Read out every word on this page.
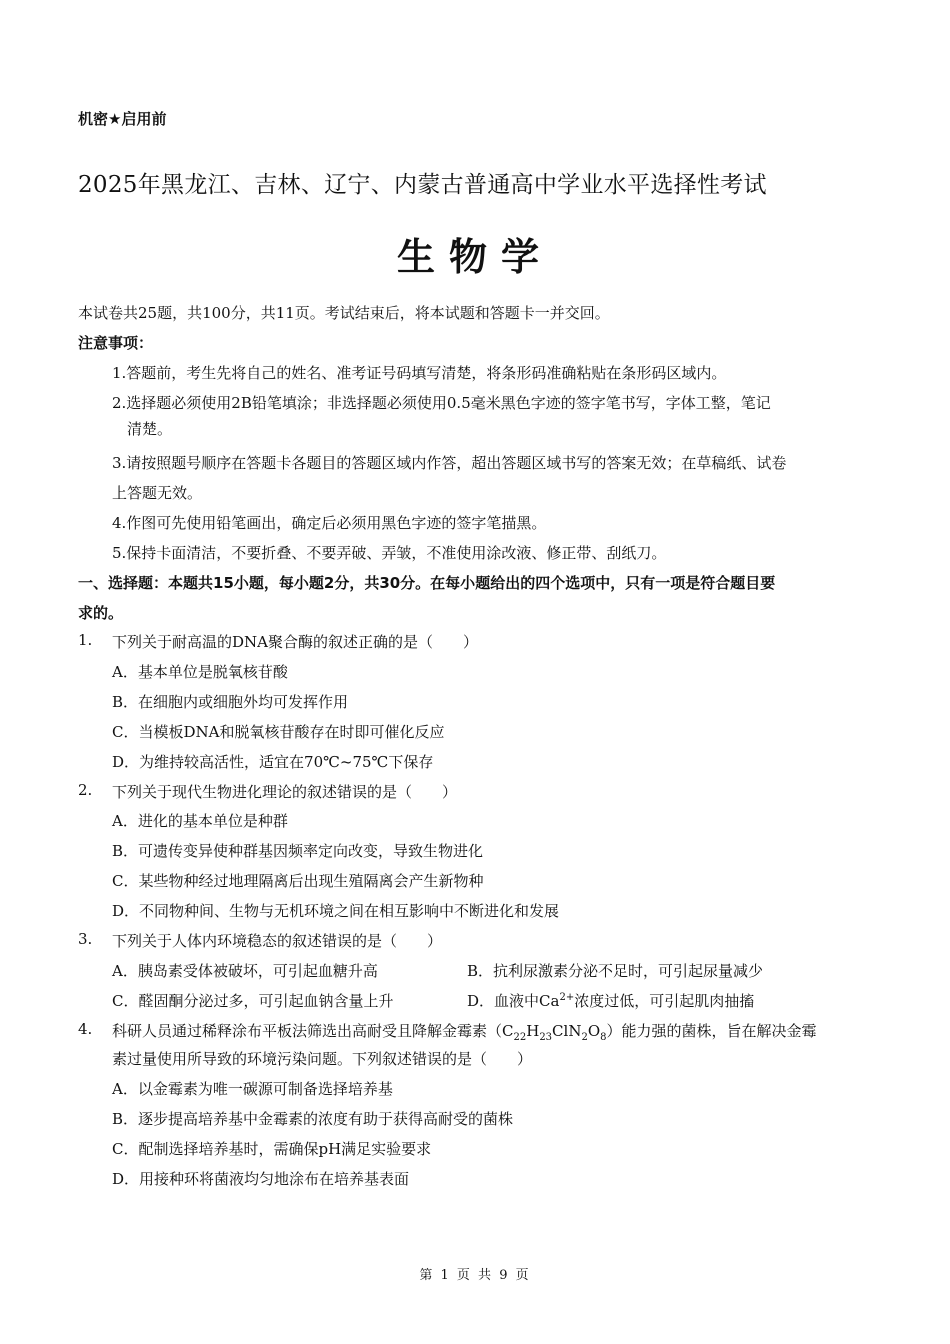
机密★启用前
2025年黑龙江、吉林、辽宁、内蒙古普通高中学业水平选择性考试
生物学
本试卷共25题，共100分，共11页。考试结束后，将本试题和答题卡一并交回。
注意事项：
1.答题前，考生先将自己的姓名、准考证号码填写清楚，将条形码准确粘贴在条形码区域内。
2.选择题必须使用2B铅笔填涂；非选择题必须使用0.5毫米黑色字迹的签字笔书写，字体工整，笔记
清楚。
3.请按照题号顺序在答题卡各题目的答题区域内作答，超出答题区域书写的答案无效；在草稿纸、试卷
上答题无效。
4.作图可先使用铅笔画出，确定后必须用黑色字迹的签字笔描黑。
5.保持卡面清洁，不要折叠、不要弄破、弄皱，不准使用涂改液、修正带、刮纸刀。
一、选择题：本题共15小题，每小题2分，共30分。在每小题给出的四个选项中，只有一项是符合题目要
求的。
1. 下列关于耐高温的DNA聚合酶的叙述正确的是（　　）
A．基本单位是脱氧核苷酸
B．在细胞内或细胞外均可发挥作用
C．当模板DNA和脱氧核苷酸存在时即可催化反应
D．为维持较高活性，适宜在70℃~75℃下保存
2. 下列关于现代生物进化理论的叙述错误的是（　　）
A．进化的基本单位是种群
B．可遗传变异使种群基因频率定向改变，导致生物进化
C．某些物种经过地理隔离后出现生殖隔离会产生新物种
D．不同物种间、生物与无机环境之间在相互影响中不断进化和发展
3. 下列关于人体内环境稳态的叙述错误的是（　　）
A．胰岛素受体被破坏，可引起血糖升高	B．抗利尿激素分泌不足时，可引起尿量减少
C．醛固酮分泌过多，可引起血钠含量上升	D．血液中$Ca^{2+}$浓度过低，可引起肌肉抽搐
4. 科研人员通过稀释涂布平板法筛选出高耐受且降解金霉素$(C_{22}H_{23}ClN_2O_8)$能力强的菌株，旨在解决金霉
素过量使用所导致的环境污染问题。下列叙述错误的是（　　）
A．以金霉素为唯一碳源可制备选择培养基
B．逐步提高培养基中金霉素的浓度有助于获得高耐受的菌株
C．配制选择培养基时，需确保pH满足实验要求
D．用接种环将菌液均匀地涂布在培养基表面
第 1 页 共 9 页
